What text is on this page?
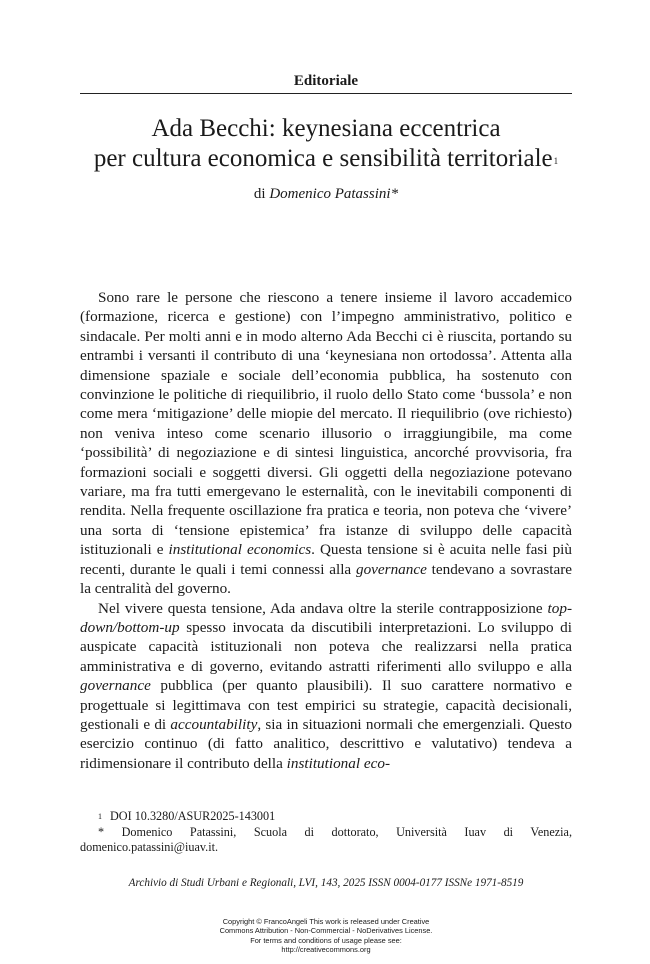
Editoriale
Ada Becchi: keynesiana eccentrica
per cultura economica e sensibilità territoriale$^1$
di Domenico Patassini*

Sono rare le persone che riescono a tenere insieme il lavoro accademico (formazione, ricerca e gestione) con l’impegno amministrativo, politico e sindacale. Per molti anni e in modo alterno Ada Becchi ci è riuscita, portando su entrambi i versanti il contributo di una ‘keynesiana non ortodossa’. Attenta alla dimensione spaziale e sociale dell’economia pubblica, ha sostenuto con convinzione le politiche di riequilibrio, il ruolo dello Stato come ‘bussola’ e non come mera ‘mitigazione’ delle miopie del mercato. Il riequilibrio (ove richiesto) non veniva inteso come scenario illusorio o irraggiungibile, ma come ‘possibilità’ di negoziazione e di sintesi linguistica, ancorché provvisoria, fra formazioni sociali e soggetti diversi. Gli oggetti della negoziazione potevano variare, ma fra tutti emergevano le esternalità, con le inevitabili componenti di rendita. Nella frequente oscillazione fra pratica e teoria, non poteva che ‘vivere’ una sorta di ‘tensione epistemica’ fra istanze di sviluppo delle capacità istituzionali e institutional economics. Questa tensione si è acuita nelle fasi più recenti, durante le quali i temi connessi alla governance tendevano a sovrastare la centralità del governo.

Nel vivere questa tensione, Ada andava oltre la sterile contrapposizione top-down/bottom-up spesso invocata da discutibili interpretazioni. Lo sviluppo di auspicate capacità istituzionali non poteva che realizzarsi nella pratica amministrativa e di governo, evitando astratti riferimenti allo sviluppo e alla governance pubblica (per quanto plausibili). Il suo carattere normativo e progettuale si legittimava con test empirici su strategie, capacità decisionali, gestionali e di accountability, sia in situazioni normali che emergenziali. Questo esercizio continuo (di fatto analitico, descrittivo e valutativo) tendeva a ridimensionare il contributo della institutional eco-

$^1$ DOI 10.3280/ASUR2025-143001

* Domenico Patassini, Scuola di dottorato, Università Iuav di Venezia, domenico.patassini@iuav.it.

Archivio di Studi Urbani e Regionali, LVI, 143, 2025 ISSN 0004-0177 ISSNe 1971-8519
Copyright © FrancoAngeli This work is released under Creative
Commons Attribution - Non-Commercial - NoDerivatives License.
For terms and conditions of usage please see:
http://creativecommons.org
